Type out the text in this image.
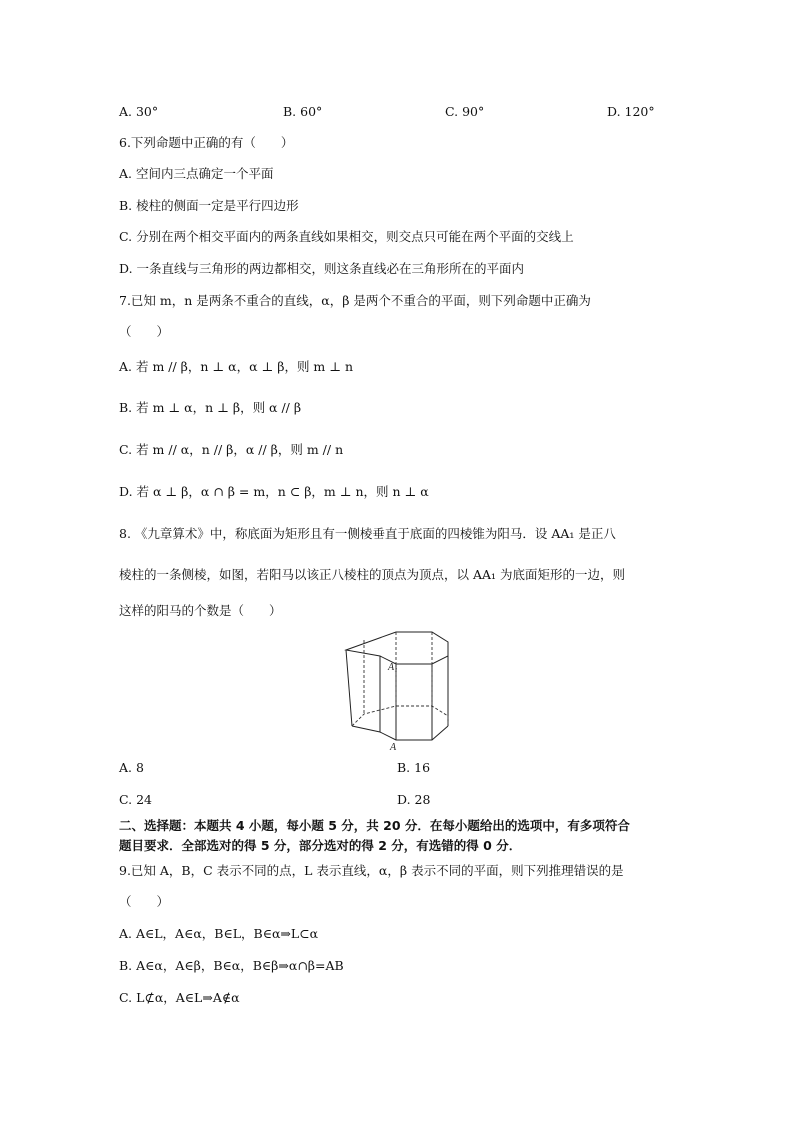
A. 30°	B. 60°	C. 90°	D. 120°
6.下列命题中正确的有（　　）
A. 空间内三点确定一个平面
B. 棱柱的侧面一定是平行四边形
C. 分别在两个相交平面内的两条直线如果相交，则交点只可能在两个平面的交线上
D. 一条直线与三角形的两边都相交，则这条直线必在三角形所在的平面内
7.已知 m，n 是两条不重合的直线，α，β 是两个不重合的平面，则下列命题中正确为
（　　）
A. 若 m // β，n ⊥ α，α ⊥ β，则 m ⊥ n
B. 若 m ⊥ α，n ⊥ β，则 α // β
C. 若 m // α，n // β，α // β，则 m // n
D. 若 α ⊥ β，α ∩ β = m，n ⊂ β，m ⊥ n，则 n ⊥ α
8. 《九章算术》中，称底面为矩形且有一侧棱垂直于底面的四棱锥为阳马．设 AA₁ 是正八
棱柱的一条侧棱，如图，若阳马以该正八棱柱的顶点为顶点，以 AA₁ 为底面矩形的一边，则
这样的阳马的个数是（　　）
A₁
A
A. 8	B. 16
C. 24	D. 28
二、选择题：本题共 4 小题，每小题 5 分，共 20 分．在每小题给出的选项中，有多项符合
题目要求．全部选对的得 5 分，部分选对的得 2 分，有选错的得 0 分．
9.已知 A，B，C 表示不同的点，L 表示直线，α，β 表示不同的平面，则下列推理错误的是
（　　）
A. A∈L，A∈α，B∈L，B∈α⇒L⊂α
B. A∈α，A∈β，B∈α，B∈β⇒α∩β=AB
C. L⊄α，A∈L⇒A∉α
